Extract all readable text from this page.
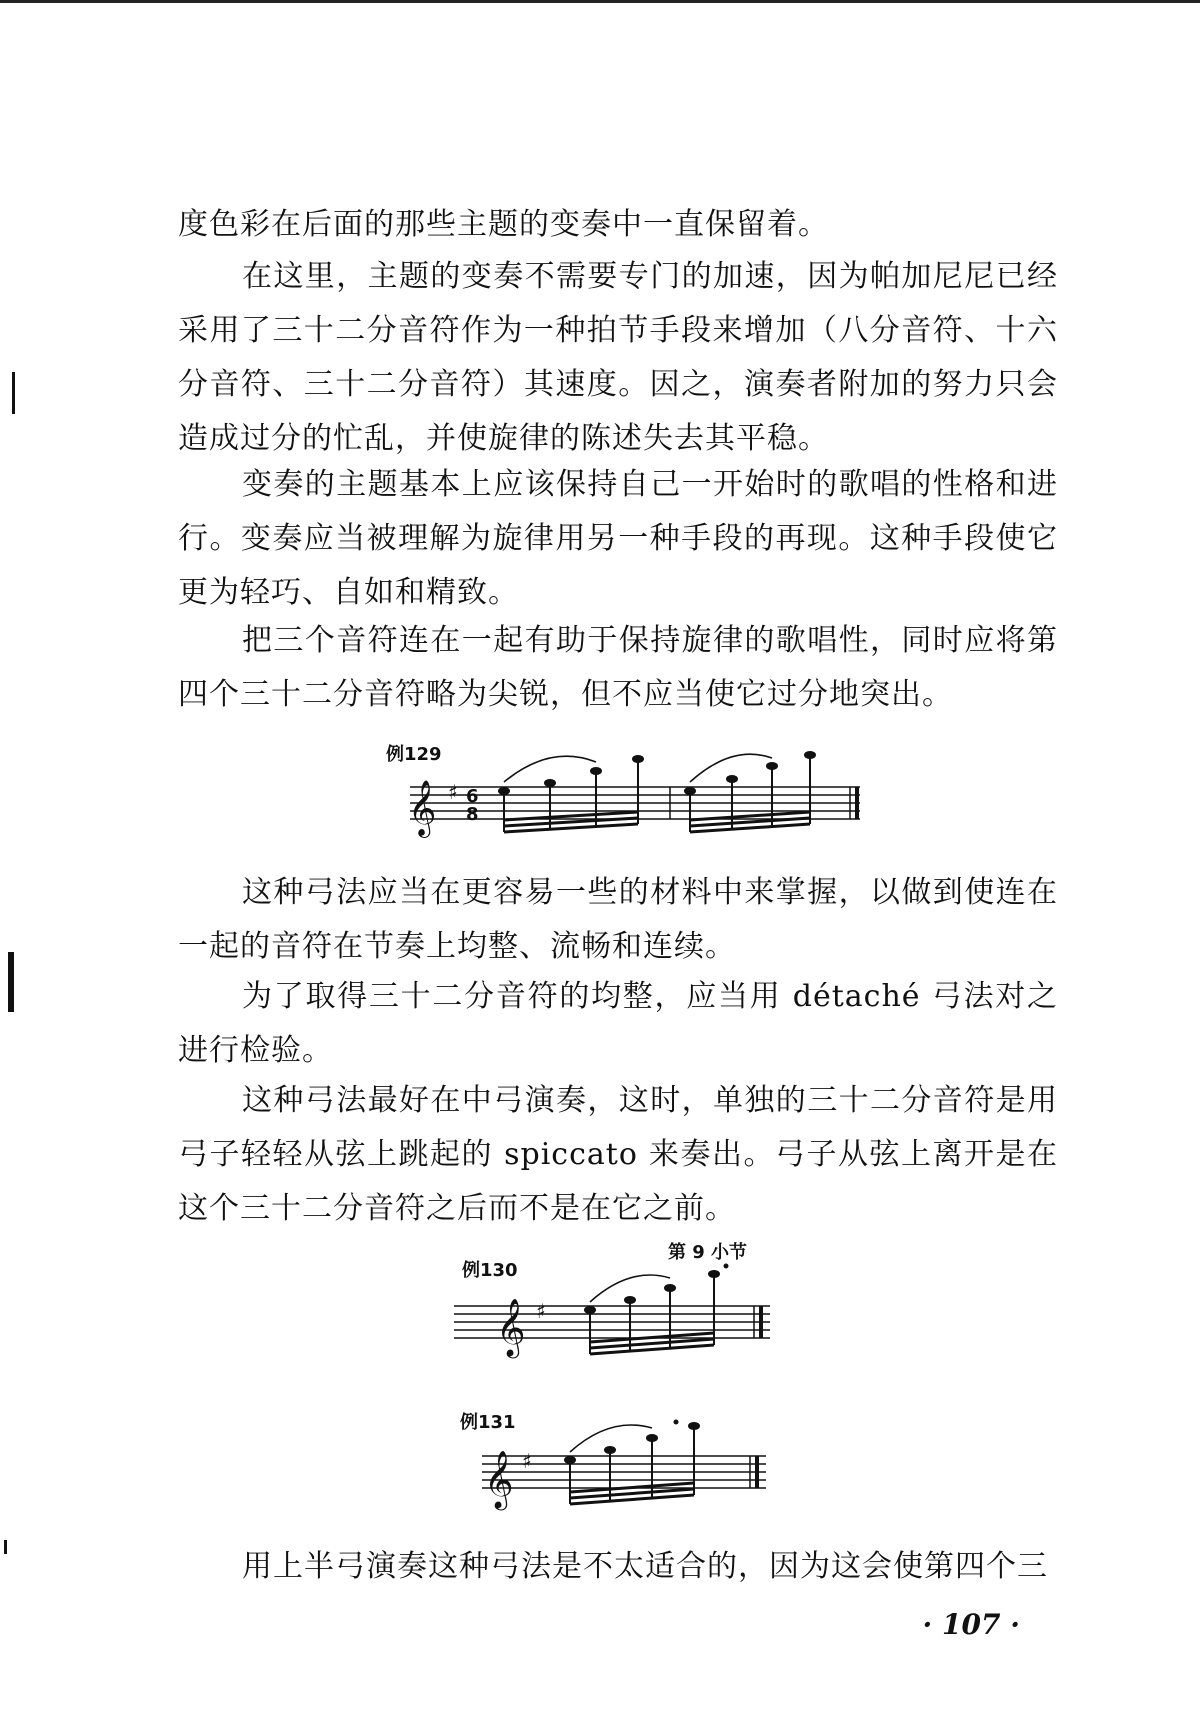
度色彩在后面的那些主题的变奏中一直保留着。

在这里，主题的变奏不需要专门的加速，因为帕加尼尼已经采用了三十二分音符作为一种拍节手段来增加（八分音符、十六分音符、三十二分音符）其速度。因之，演奏者附加的努力只会造成过分的忙乱，并使旋律的陈述失去其平稳。

变奏的主题基本上应该保持自己一开始时的歌唱的性格和进行。变奏应当被理解为旋律用另一种手段的再现。这种手段使它更为轻巧、自如和精致。

把三个音符连在一起有助于保持旋律的歌唱性，同时应将第四个三十二分音符略为尖锐，但不应当使它过分地突出。

例129
𝄞 ♯ 6
8

这种弓法应当在更容易一些的材料中来掌握，以做到使连在一起的音符在节奏上均整、流畅和连续。

为了取得三十二分音符的均整，应当用 détaché 弓法对之进行检验。

这种弓法最好在中弓演奏，这时，单独的三十二分音符是用弓子轻轻从弦上跳起的 spiccato 来奏出。弓子从弦上离开是在这个三十二分音符之后而不是在它之前。

例130
第 9 小节
𝄞 ♯
例131
𝄞 ♯

用上半弓演奏这种弓法是不太适合的，因为这会使第四个三

· 107 ·
